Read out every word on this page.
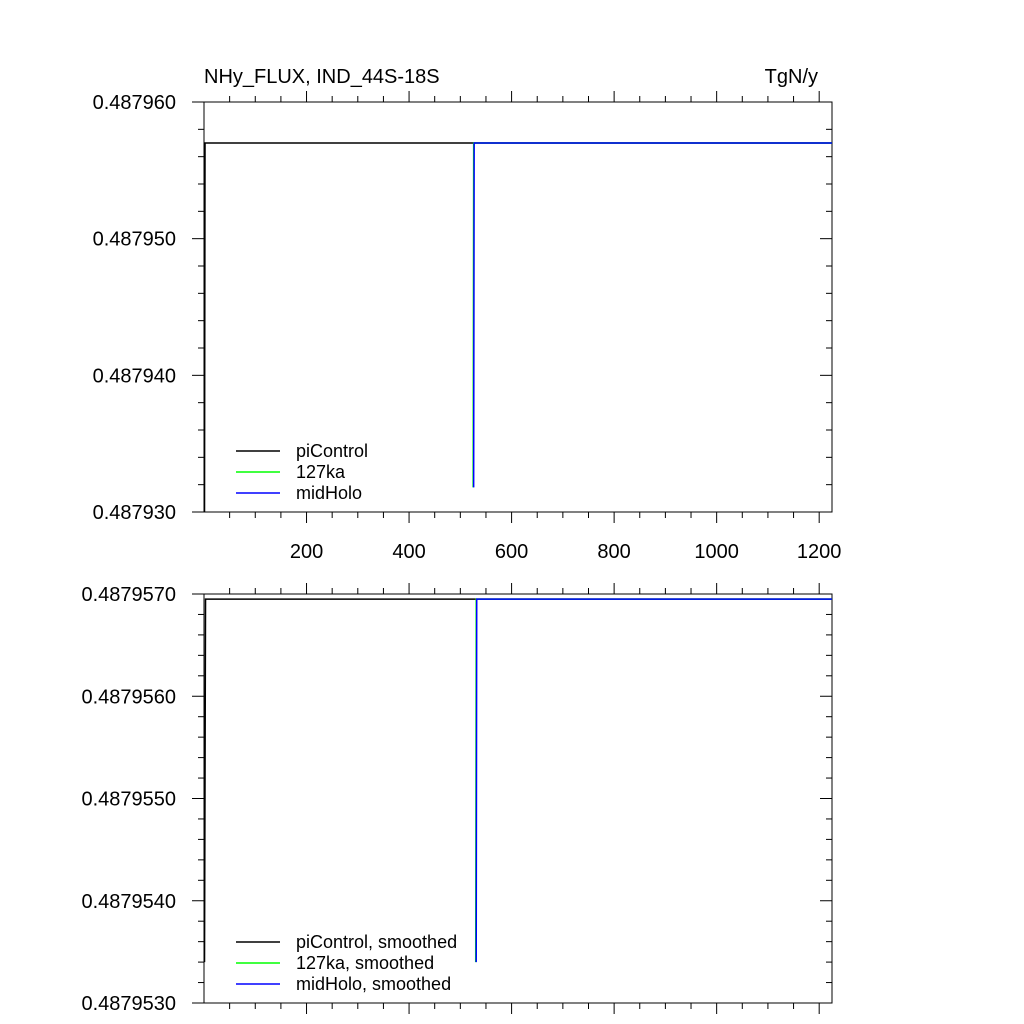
NHy_FLUX, IND_44S-18S	TgN/y
200	400	600	800	1000	1200
0.487930
0.487940
0.487950
0.487960
piControl
127ka
midHolo
0.4879530
0.4879540
0.4879550
0.4879560
0.4879570
piControl, smoothed
127ka, smoothed
midHolo, smoothed
